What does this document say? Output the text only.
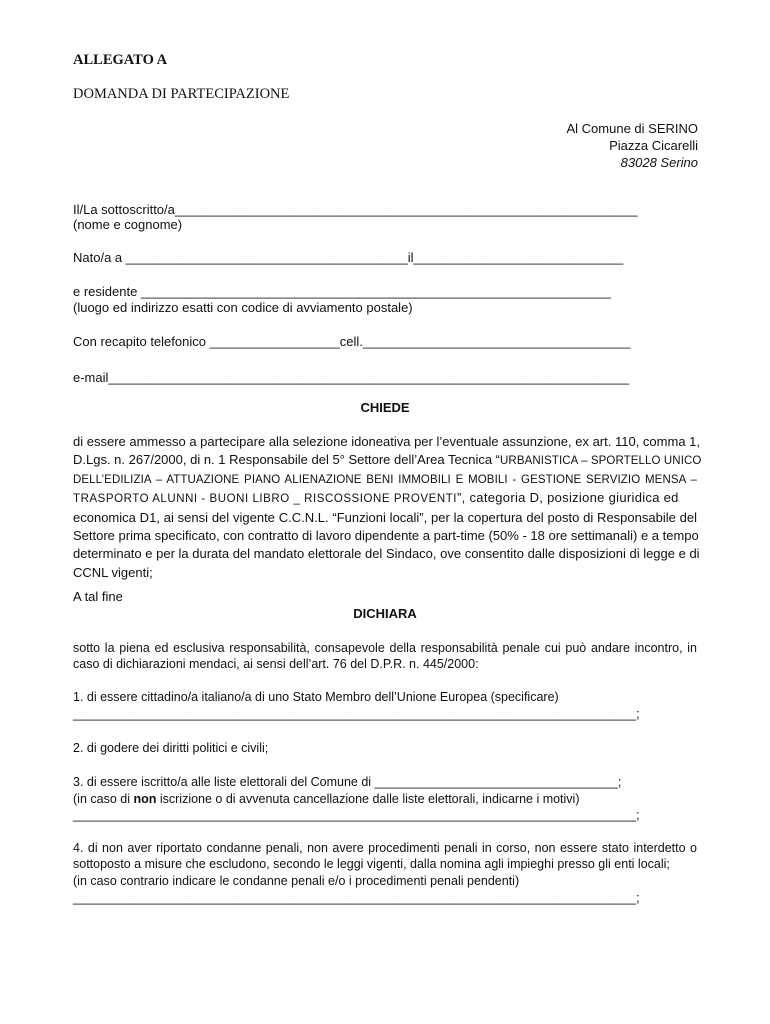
ALLEGATO A
DOMANDA DI PARTECIPAZIONE
Al Comune di SERINO
Piazza Cicarelli
83028 Serino
Il/La sottoscritto/a________________________________________________________________
(nome e cognome)
Nato/a a _______________________________________il_____________________________
e residente _________________________________________________________________
(luogo ed indirizzo esatti con codice di avviamento postale)
Con recapito telefonico __________________cell._____________________________________
e-mail________________________________________________________________________
CHIEDE
di essere ammesso a partecipare alla selezione idoneativa per l’eventuale assunzione, ex art. 110, comma 1,
D.Lgs. n. 267/2000, di n. 1 Responsabile del 5° Settore dell’Area Tecnica “URBANISTICA – SPORTELLO UNICO
DELL’EDILIZIA – ATTUAZIONE PIANO ALIENAZIONE BENI IMMOBILI E MOBILI - GESTIONE SERVIZIO MENSA –
TRASPORTO ALUNNI - BUONI LIBRO _ RISCOSSIONE PROVENTI”, categoria D, posizione giuridica ed
economica D1, ai sensi del vigente C.C.N.L. “Funzioni locali”, per la copertura del posto di Responsabile del
Settore prima specificato, con contratto di lavoro dipendente a part-time (50% - 18 ore settimanali) e a tempo
determinato e per la durata del mandato elettorale del Sindaco, ove consentito dalle disposizioni di legge e di
CCNL vigenti;
A tal fine
DICHIARA
sotto la piena ed esclusiva responsabilità, consapevole della responsabilità penale cui può andare incontro, in
caso di dichiarazioni mendaci, ai sensi dell’art. 76 del D.P.R. n. 445/2000:
1. di essere cittadino/a italiano/a di uno Stato Membro dell’Unione Europea (specificare)
_________________________________________________________________________________;
2. di godere dei diritti politici e civili;
3. di essere iscritto/a alle liste elettorali del Comune di ___________________________________;
(in caso di non iscrizione o di avvenuta cancellazione dalle liste elettorali, indicarne i motivi)
_________________________________________________________________________________;
4. di non aver riportato condanne penali, non avere procedimenti penali in corso, non essere stato interdetto o
sottoposto a misure che escludono, secondo le leggi vigenti, dalla nomina agli impieghi presso gli enti locali;
(in caso contrario indicare le condanne penali e/o i procedimenti penali pendenti)
_________________________________________________________________________________;
